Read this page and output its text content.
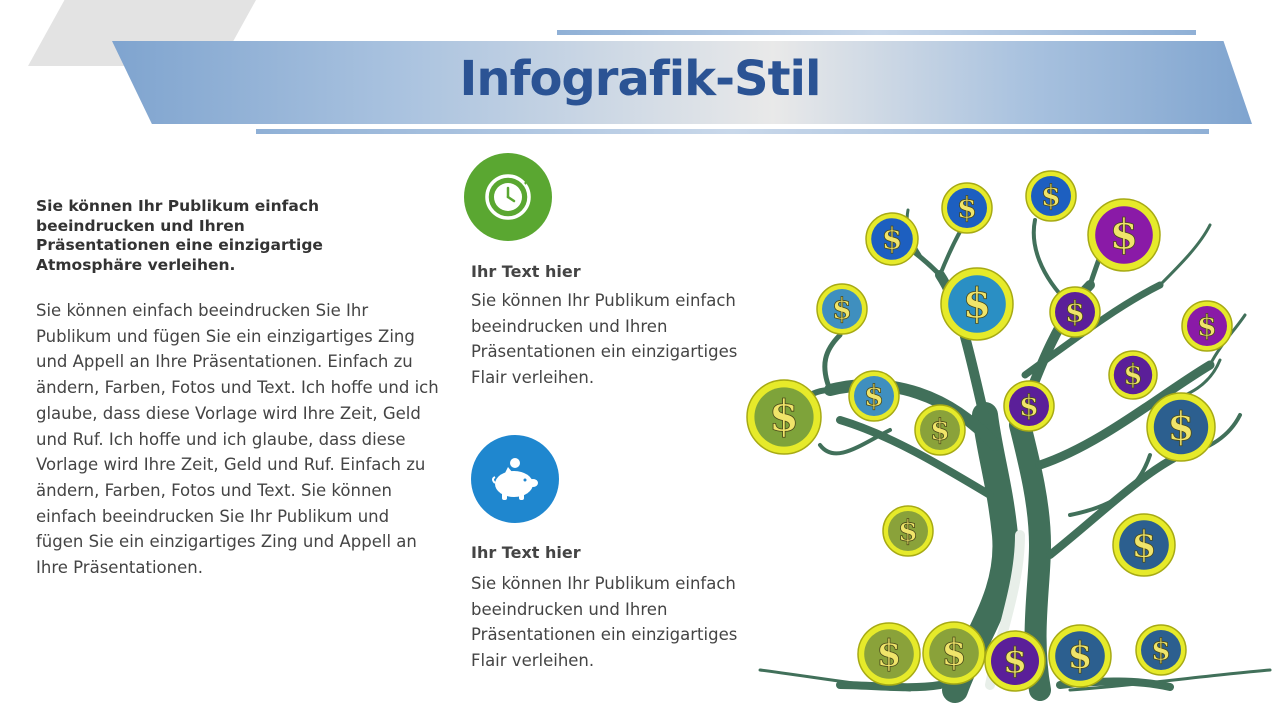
Infografik-Stil

Sie können Ihr Publikum einfach beeindrucken und Ihren Präsentationen eine einzigartige Atmosphäre verleihen.

Sie können einfach beeindrucken Sie Ihr Publikum und fügen Sie ein einzigartiges Zing und Appell an Ihre Präsentationen. Einfach zu ändern, Farben, Fotos und Text. Ich hoffe und ich glaube, dass diese Vorlage wird Ihre Zeit, Geld und Ruf. Ich hoffe und ich glaube, dass diese Vorlage wird Ihre Zeit, Geld und Ruf. Einfach zu ändern, Farben, Fotos und Text. Sie können einfach beeindrucken Sie Ihr Publikum und fügen Sie ein einzigartiges Zing und Appell an Ihre Präsentationen.

Ihr Text hier

Sie können Ihr Publikum einfach beeindrucken und Ihren Präsentationen ein einzigartiges Flair verleihen.

Ihr Text hier

Sie können Ihr Publikum einfach beeindrucken und Ihren Präsentationen ein einzigartiges Flair verleihen.

$ $
$
$
$	$	$
$
$
$ $	$	$
$
$	$
$ $ $ $ $
